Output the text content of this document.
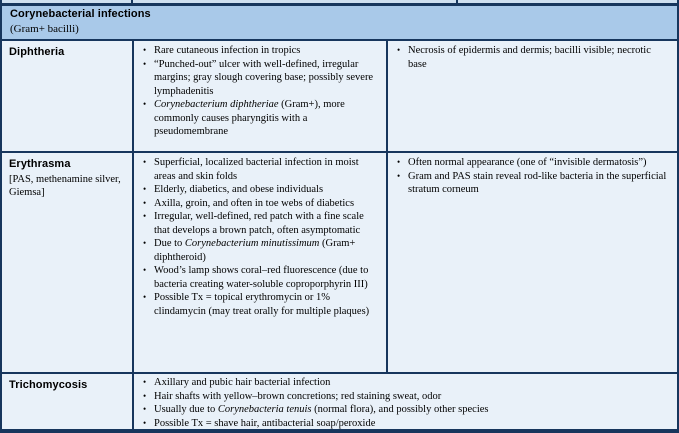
Corynebacterial infections
(Gram+ bacilli)
Diphtheria	• Rare cutaneous infection in tropics
• “Punched-out” ulcer with well-defined, irregular margins; gray slough covering base; possibly severe lymphadenitis
• Corynebacterium diphtheriae (Gram+), more commonly causes pharyngitis with a pseudomembrane
• Necrosis of epidermis and dermis; bacilli visible; necrotic base
Erythrasma
[PAS, methenamine silver, Giemsa]
• Superficial, localized bacterial infection in moist areas and skin folds
• Elderly, diabetics, and obese individuals
• Axilla, groin, and often in toe webs of diabetics
• Irregular, well-defined, red patch with a fine scale that develops a brown patch, often asymptomatic
• Due to Corynebacterium minutissimum (Gram+ diphtheroid)
• Wood’s lamp shows coral–red fluorescence (due to bacteria creating water-soluble coproporphyrin III)
• Possible Tx = topical erythromycin or 1% clindamycin (may treat orally for multiple plaques)
• Often normal appearance (one of “invisible dermatosis”)
• Gram and PAS stain reveal rod-like bacteria in the superficial stratum corneum
Trichomycosis	• Axillary and pubic hair bacterial infection
• Hair shafts with yellow–brown concretions; red staining sweat, odor
• Usually due to Corynebacteria tenuis (normal flora), and possibly other species
• Possible Tx = shave hair, antibacterial soap/peroxide
